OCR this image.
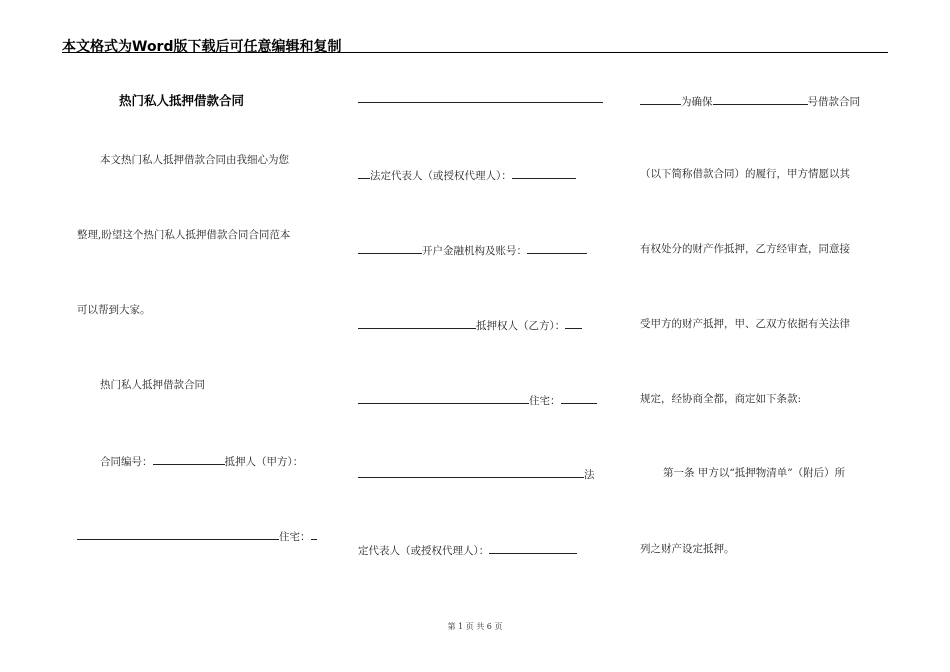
本文格式为Word版下载后可任意编辑和复制
热门私人抵押借款合同
本文热门私人抵押借款合同由我细心为您
整理,盼望这个热门私人抵押借款合同合同范本
可以帮到大家。
热门私人抵押借款合同
合同编号：	抵押人（甲方）：
住宅：
法定代表人（或授权代理人）：
开户金融机构及账号：
抵押权人（乙方）：
住宅：
法
定代表人（或授权代理人）：
为确保	号借款合同
（以下简称借款合同）的履行，甲方情愿以其
有权处分的财产作抵押，乙方经审查，同意接
受甲方的财产抵押，甲、乙双方依据有关法律
规定，经协商全都，商定如下条款:
第一条 甲方以“抵押物清单”（附后）所
列之财产设定抵押。
第 1 页 共 6 页
